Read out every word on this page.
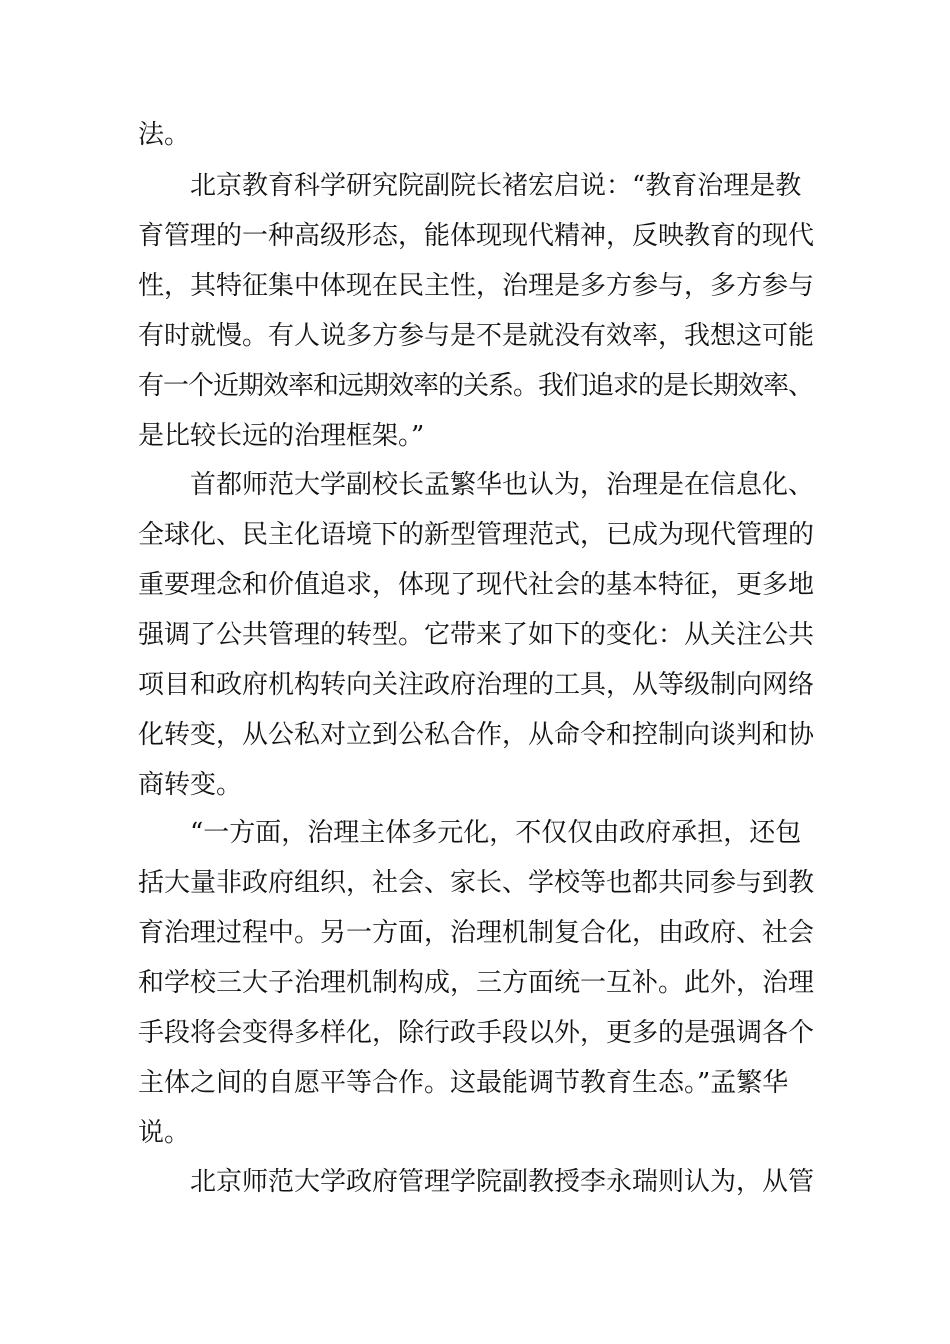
法。
北京教育科学研究院副院长褚宏启说：“教育治理是教
育管理的一种高级形态，能体现现代精神，反映教育的现代
性，其特征集中体现在民主性，治理是多方参与，多方参与
有时就慢。有人说多方参与是不是就没有效率，我想这可能
有一个近期效率和远期效率的关系。我们追求的是长期效率、
是比较长远的治理框架。”
首都师范大学副校长孟繁华也认为，治理是在信息化、
全球化、民主化语境下的新型管理范式，已成为现代管理的
重要理念和价值追求，体现了现代社会的基本特征，更多地
强调了公共管理的转型。它带来了如下的变化：从关注公共
项目和政府机构转向关注政府治理的工具，从等级制向网络
化转变，从公私对立到公私合作，从命令和控制向谈判和协
商转变。
“一方面，治理主体多元化，不仅仅由政府承担，还包
括大量非政府组织，社会、家长、学校等也都共同参与到教
育治理过程中。另一方面，治理机制复合化，由政府、社会
和学校三大子治理机制构成，三方面统一互补。此外，治理
手段将会变得多样化，除行政手段以外，更多的是强调各个
主体之间的自愿平等合作。这最能调节教育生态。”孟繁华
说。
北京师范大学政府管理学院副教授李永瑞则认为，从管
